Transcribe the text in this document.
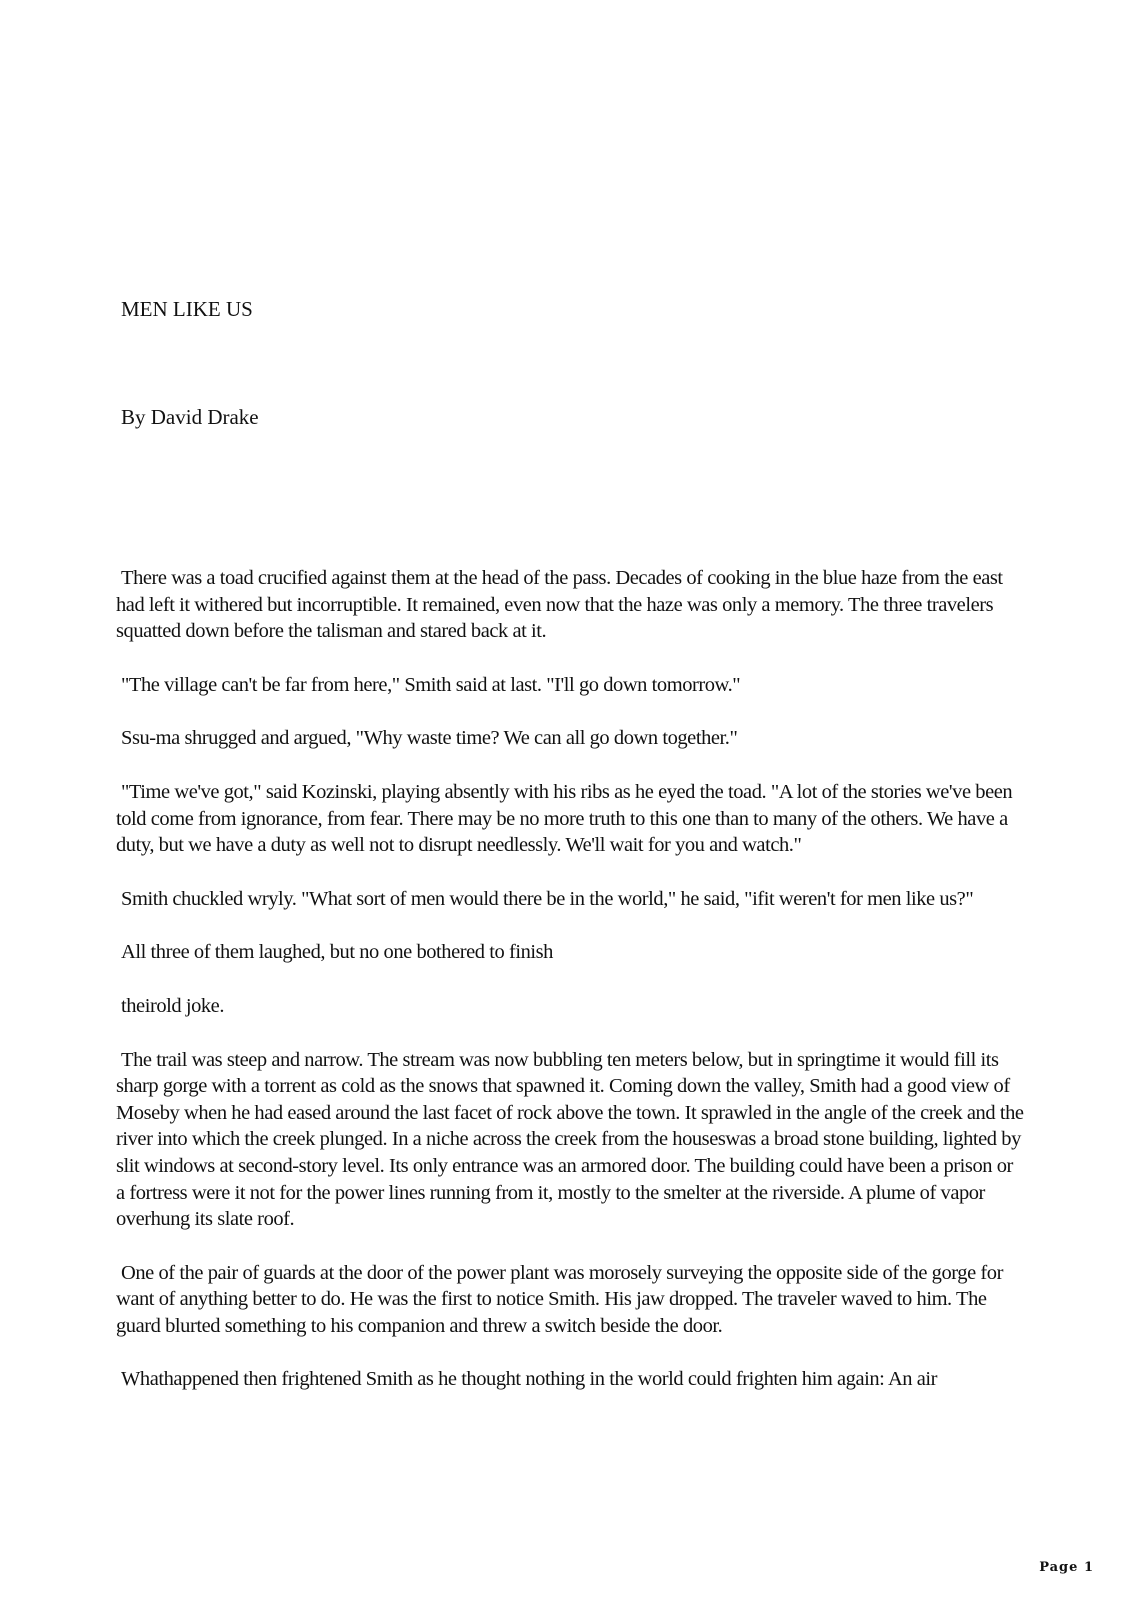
MEN LIKE US

By David Drake

There was a toad crucified against them at the head of the pass. Decades of cooking in the blue haze from the east had left it withered but incorruptible. It remained, even now that the haze was only a memory. The three travelers squatted down before the talisman and stared back at it.

"The village can't be far from here," Smith said at last. "I'll go down tomorrow."

Ssu-ma shrugged and argued, "Why waste time? We can all go down together."

"Time we've got," said Kozinski, playing absently with his ribs as he eyed the toad. "A lot of the stories we've been told come from ignorance, from fear. There may be no more truth to this one than to many of the others. We have a duty, but we have a duty as well not to disrupt needlessly. We'll wait for you and watch."

Smith chuckled wryly. "What sort of men would there be in the world," he said, "ifit weren't for men like us?"

All three of them laughed, but no one bothered to finish

theirold joke.

The trail was steep and narrow. The stream was now bubbling ten meters below, but in springtime it would fill its sharp gorge with a torrent as cold as the snows that spawned it. Coming down the valley, Smith had a good view of Moseby when he had eased around the last facet of rock above the town. It sprawled in the angle of the creek and the river into which the creek plunged. In a niche across the creek from the houseswas a broad stone building, lighted by slit windows at second-story level. Its only entrance was an armored door. The building could have been a prison or a fortress were it not for the power lines running from it, mostly to the smelter at the riverside. A plume of vapor overhung its slate roof.

One of the pair of guards at the door of the power plant was morosely surveying the opposite side of the gorge for want of anything better to do. He was the first to notice Smith. His jaw dropped. The traveler waved to him. The guard blurted something to his companion and threw a switch beside the door.

Whathappened then frightened Smith as he thought nothing in the world could frighten him again: An air

Page 1
